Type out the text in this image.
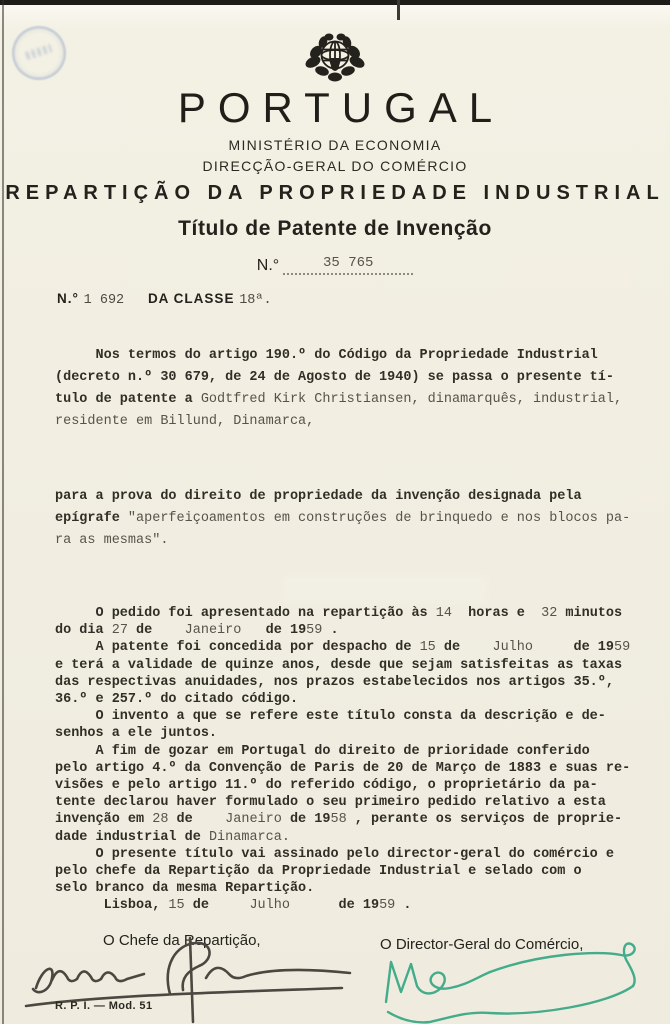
PORTUGAL
MINISTÉRIO DA ECONOMIA
DIRECÇÃO-GERAL DO COMÉRCIO
REPARTIÇÃO DA PROPRIEDADE INDUSTRIAL
Título de Patente de Invenção
N.°	35 765
N.° 1 692
DA CLASSE 18ª.
Nos termos do artigo 190.º do Código da Propriedade Industrial
(decreto n.º 30 679, de 24 de Agosto de 1940) se passa o presente tí-
tulo de patente a Godtfred Kirk Christiansen, dinamarquês, industrial,
residente em Billund, Dinamarca,
para a prova do direito de propriedade da invenção designada pela
epígrafe "aperfeiçoamentos em construções de brinquedo e nos blocos pa-
ra as mesmas".
O pedido foi apresentado na repartição às 14  horas e  32 minutos
do dia 27 de    Janeiro   de 1959 .
A patente foi concedida por despacho de 15 de    Julho     de 1959
e terá a validade de quinze anos, desde que sejam satisfeitas as taxas
das respectivas anuidades, nos prazos estabelecidos nos artigos 35.º,
36.º e 257.º do citado código.
O invento a que se refere este título consta da descrição e de-
senhos a ele juntos.
A fim de gozar em Portugal do direito de prioridade conferido
pelo artigo 4.º da Convenção de Paris de 20 de Março de 1883 e suas re-
visões e pelo artigo 11.º do referido código, o proprietário da pa-
tente declarou haver formulado o seu primeiro pedido relativo a esta
invenção em 28 de    Janeiro de 1958 , perante os serviços de proprie-
dade industrial de Dinamarca.
O presente título vai assinado pelo director-geral do comércio e
pelo chefe da Repartição da Propriedade Industrial e selado com o
selo branco da mesma Repartição.
Lisboa, 15 de     Julho      de 1959 .
O Chefe da Repartição,	O Director-Geral do Comércio,
R. P. I. — Mod. 51
